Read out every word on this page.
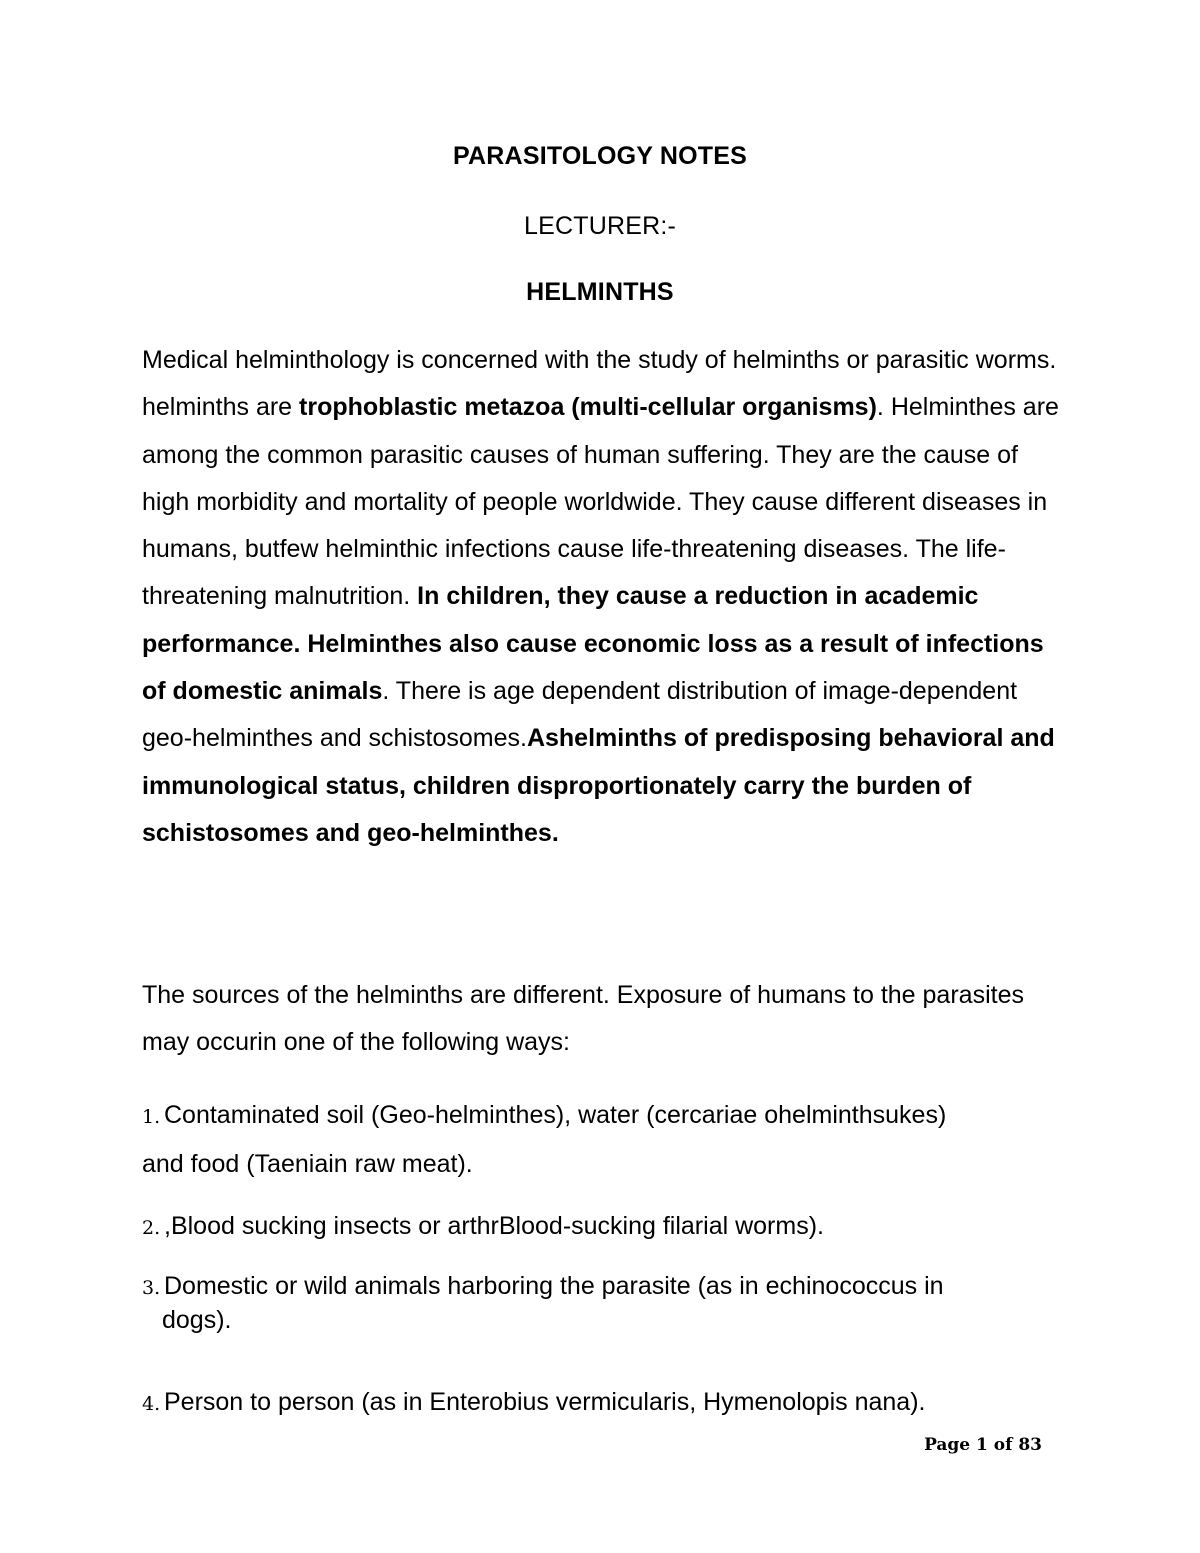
PARASITOLOGY NOTES
LECTURER:-
HELMINTHS

Medical helminthology is concerned with the study of helminths or parasitic worms. helminths are trophoblastic metazoa (multi-cellular organisms). Helminthes are among the common parasitic causes of human suffering. They are the cause of high morbidity and mortality of people worldwide. They cause different diseases in humans, butfew helminthic infections cause life-threatening diseases. The life-threatening malnutrition. In children, they cause a reduction in academic performance. Helminthes also cause economic loss as a result of infections of domestic animals. There is age dependent distribution of image-dependent geo-helminthes and schistosomes.Ashelminths of predisposing behavioral and immunological status, children disproportionately carry the burden of schistosomes and geo-helminthes.

The sources of the helminths are different. Exposure of humans to the parasites may occurin one of the following ways:

1. Contaminated soil (Geo-helminthes), water (cercariae ohelminthsukes)
and food (Taeniain raw meat).
2. ,Blood sucking insects or arthrBlood-sucking filarial worms).
3. Domestic or wild animals harboring the parasite (as in echinococcus in
dogs).
4. Person to person (as in Enterobius vermicularis, Hymenolopis nana).
Page 1 of 83
